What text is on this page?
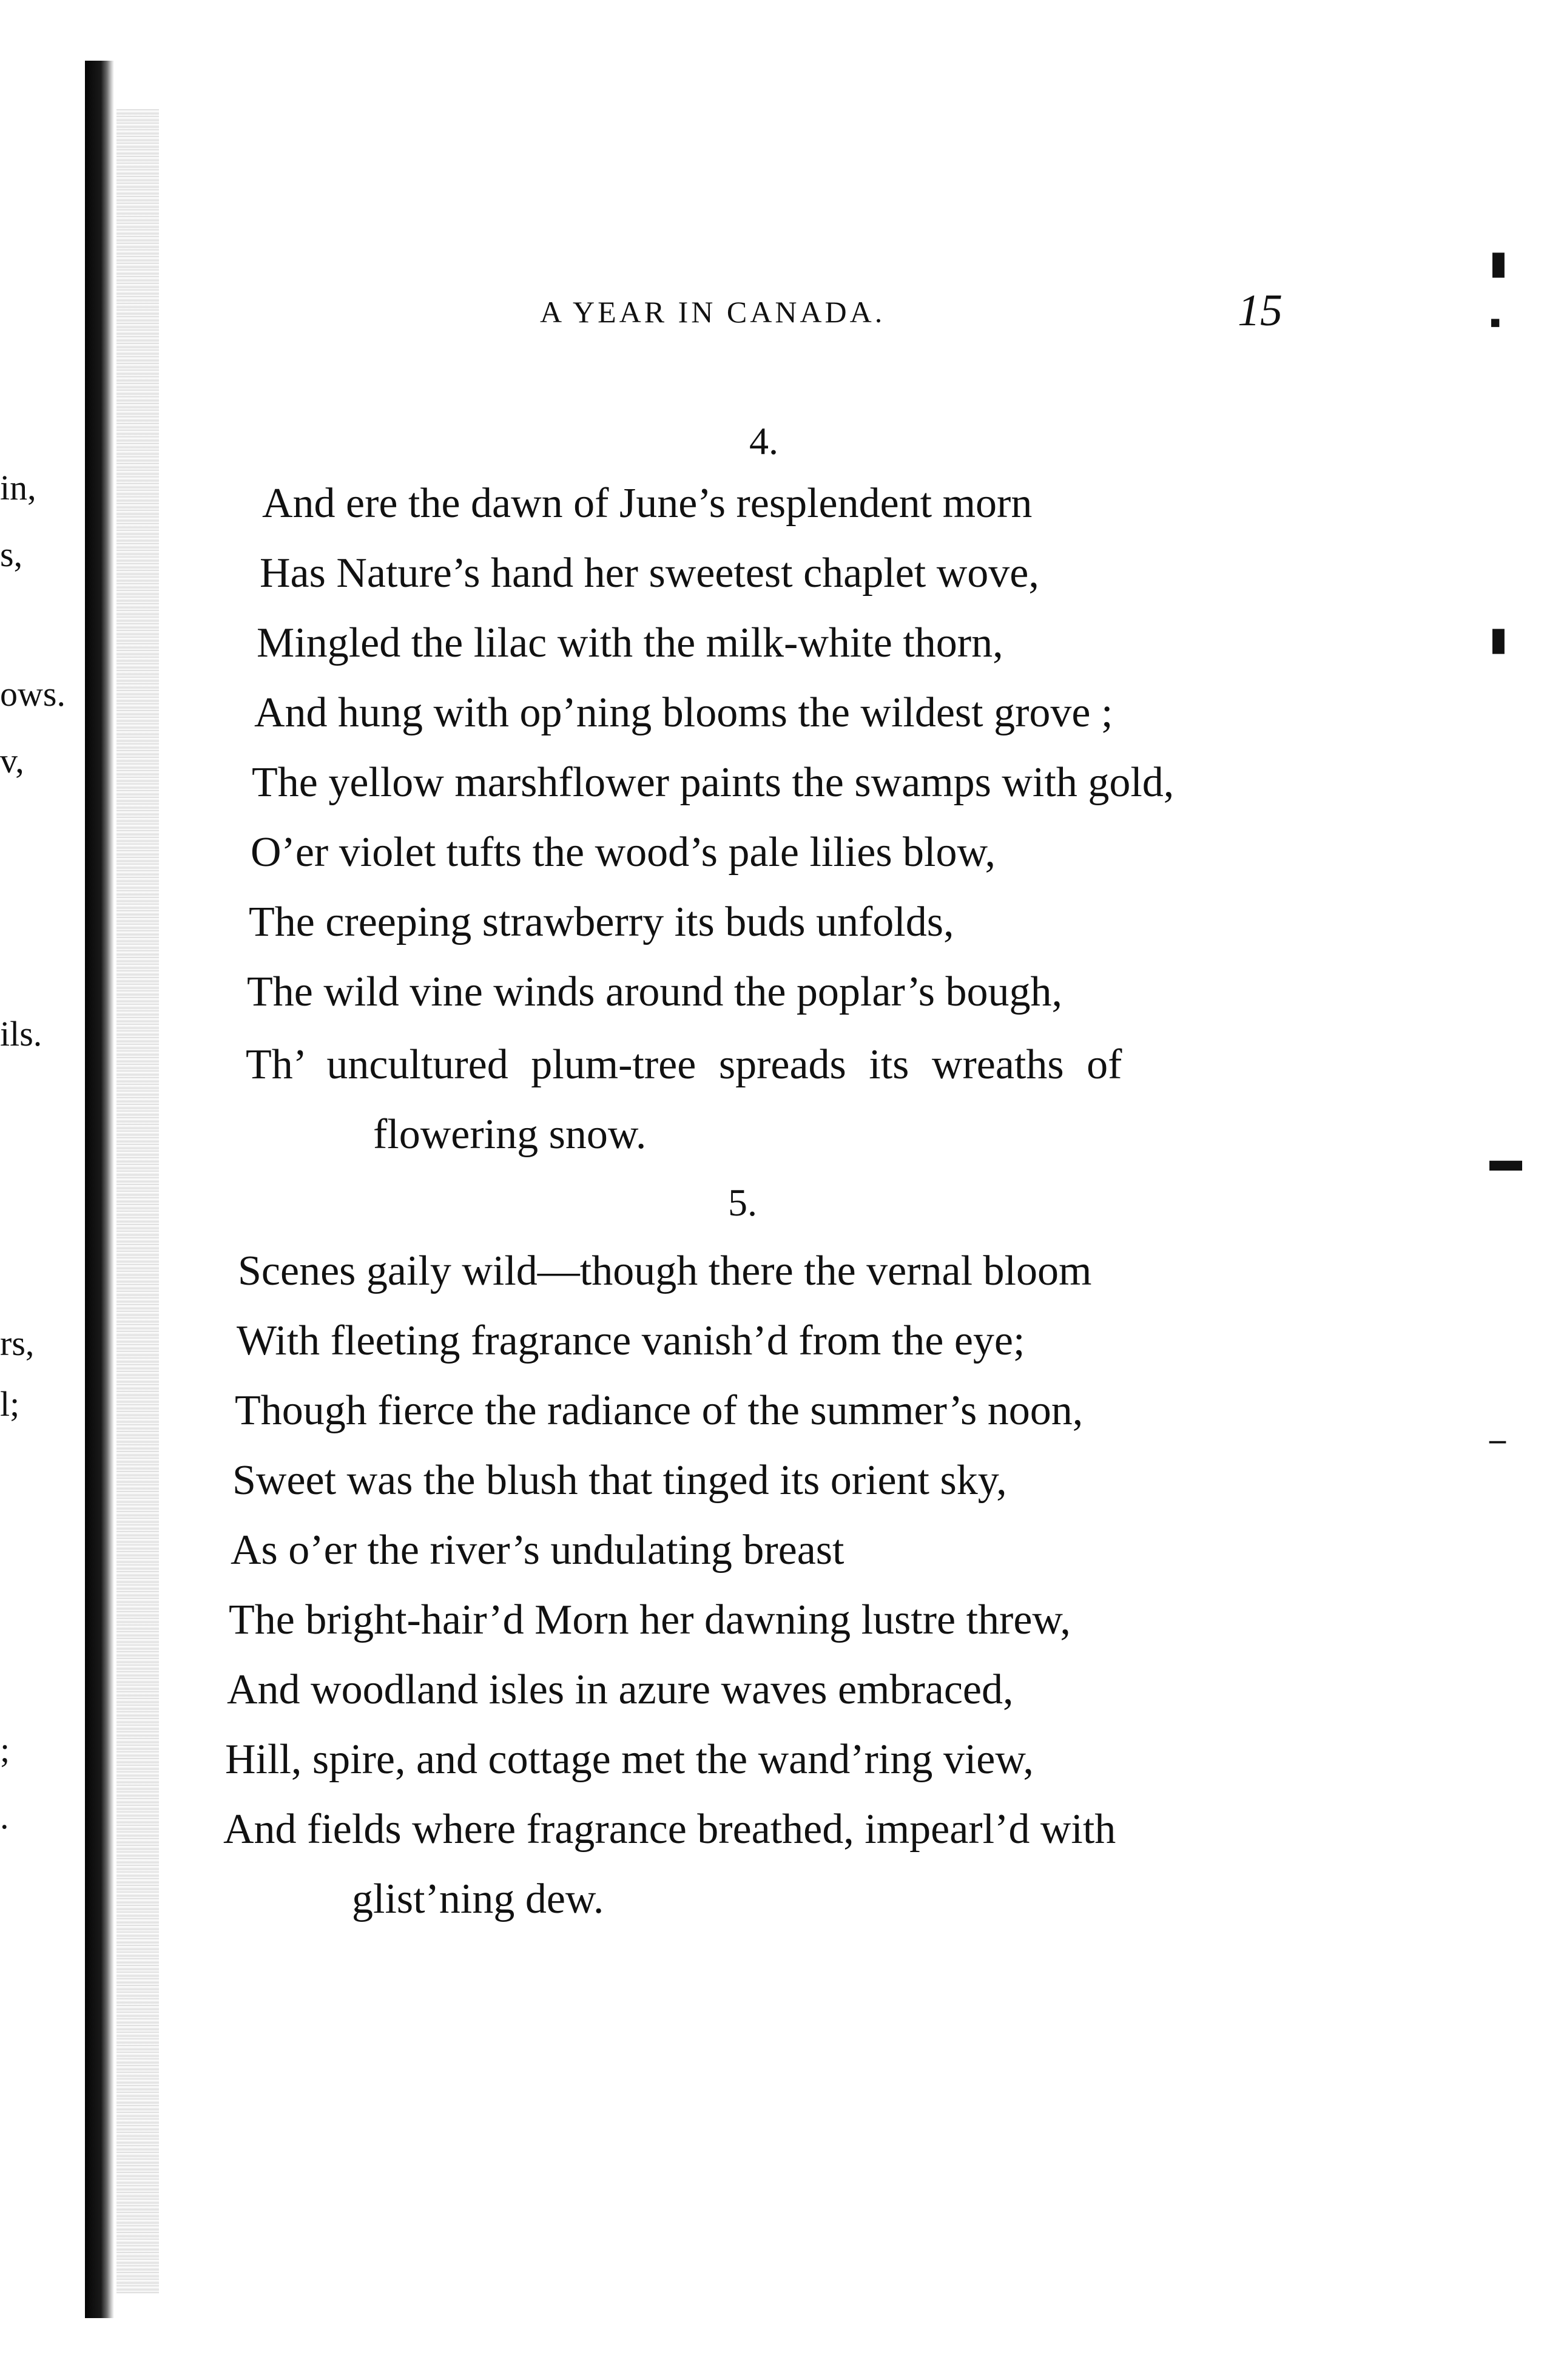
in,
s,
ows.
v,
ils.
rs,
l;
;
.
▮
▪
▮
▬
–
A YEAR IN CANADA.	15
4.
And ere the dawn of June’s resplendent morn
Has Nature’s hand her sweetest chaplet wove,
Mingled the lilac with the milk-white thorn,
And hung with op’ning blooms the wildest grove ;
The yellow marshflower paints the swamps with gold,
O’er violet tufts the wood’s pale lilies blow,
The creeping strawberry its buds unfolds,
The wild vine winds around the poplar’s bough,
Th’ uncultured plum-tree spreads its wreaths of
flowering snow.
5.
Scenes gaily wild—though there the vernal bloom
With fleeting fragrance vanish’d from the eye;
Though fierce the radiance of the summer’s noon,
Sweet was the blush that tinged its orient sky,
As o’er the river’s undulating breast
The bright-hair’d Morn her dawning lustre threw,
And woodland isles in azure waves embraced,
Hill, spire, and cottage met the wand’ring view,
And fields where fragrance breathed, impearl’d with
glist’ning dew.
